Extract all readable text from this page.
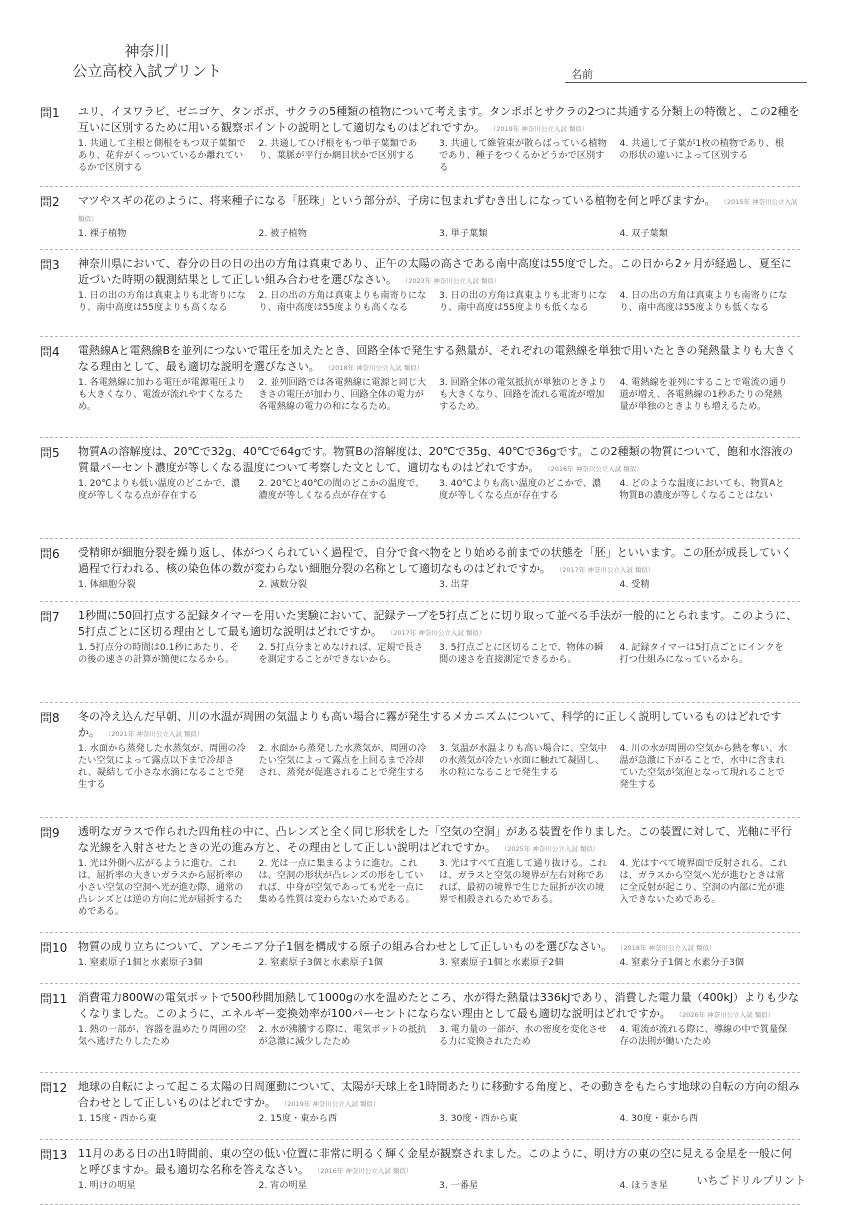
神奈川
公立高校入試プリント	名前
問1 ユリ、イヌワラビ、ゼニゴケ、タンポポ、サクラの5種類の植物について考えます。タンポポとサクラの2つに共通する分類上の特徴と、この2種を互いに区別するために用いる観察ポイントの説明として適切なものはどれですか。 （2019年 神奈川公立入試 類似）
1. 共通して主根と側根をもつ双子葉類であり、花弁がくっついているか離れているかで区別する
2. 共通してひげ根をもつ単子葉類であり、葉脈が平行か網目状かで区別する
3. 共通して維管束が散らばっている植物であり、種子をつくるかどうかで区別する
4. 共通して子葉が1枚の植物であり、根の形状の違いによって区別する
問2 マツやスギの花のように、将来種子になる「胚珠」という部分が、子房に包まれずむき出しになっている植物を何と呼びますか。 （2015年 神奈川公立入試 類似）
1. 裸子植物	2. 被子植物	3. 単子葉類	4. 双子葉類
問3 神奈川県において、春分の日の日の出の方角は真東であり、正午の太陽の高さである南中高度は55度でした。この日から2ヶ月が経過し、夏至に近づいた時期の観測結果として正しい組み合わせを選びなさい。 （2023年 神奈川公立入試 類似）
1. 日の出の方角は真東よりも北寄りになり、南中高度は55度よりも高くなる
2. 日の出の方角は真東よりも南寄りになり、南中高度は55度よりも高くなる
3. 日の出の方角は真東よりも北寄りになり、南中高度は55度よりも低くなる
4. 日の出の方角は真東よりも南寄りになり、南中高度は55度よりも低くなる
問4 電熱線Aと電熱線Bを並列につないで電圧を加えたとき、回路全体で発生する熱量が、それぞれの電熱線を単独で用いたときの発熱量よりも大きくなる理由として、最も適切な説明を選びなさい。 （2018年 神奈川公立入試 類似）
1. 各電熱線に加わる電圧が電源電圧よりも大きくなり、電流が流れやすくなるため。
2. 並列回路では各電熱線に電源と同じ大きさの電圧が加わり、回路全体の電力が各電熱線の電力の和になるため。
3. 回路全体の電気抵抗が単独のときよりも大きくなり、回路を流れる電流が増加するため。
4. 電熱線を並列にすることで電流の通り道が増え、各電熱線の1秒あたりの発熱量が単独のときよりも増えるため。
問5 物質Aの溶解度は、20℃で32g、40℃で64gです。物質Bの溶解度は、20℃で35g、40℃で36gです。この2種類の物質について、飽和水溶液の質量パーセント濃度が等しくなる温度について考察した文として、適切なものはどれですか。 （2016年 神奈川公立入試 類似）
1. 20℃よりも低い温度のどこかで、濃度が等しくなる点が存在する
2. 20℃と40℃の間のどこかの温度で、濃度が等しくなる点が存在する
3. 40℃よりも高い温度のどこかで、濃度が等しくなる点が存在する
4. どのような温度においても、物質Aと物質Bの濃度が等しくなることはない
問6 受精卵が細胞分裂を繰り返し、体がつくられていく過程で、自分で食べ物をとり始める前までの状態を「胚」といいます。この胚が成長していく過程で行われる、核の染色体の数が変わらない細胞分裂の名称として適切なものはどれですか。 （2017年 神奈川公立入試 類似）
1. 体細胞分裂	2. 減数分裂	3. 出芽	4. 受精
問7 1秒間に50回打点する記録タイマーを用いた実験において、記録テープを5打点ごとに切り取って並べる手法が一般的にとられます。このように、5打点ごとに区切る理由として最も適切な説明はどれですか。 （2017年 神奈川公立入試 類似）
1. 5打点分の時間は0.1秒にあたり、その後の速さの計算が簡便になるから。
2. 5打点分まとめなければ、定規で長さを測定することができないから。
3. 5打点ごとに区切ることで、物体の瞬間の速さを直接測定できるから。
4. 記録タイマーは5打点ごとにインクを打つ仕組みになっているから。
問8 冬の冷え込んだ早朝、川の水温が周囲の気温よりも高い場合に霧が発生するメカニズムについて、科学的に正しく説明しているものはどれですか。 （2021年 神奈川公立入試 類似）
1. 水面から蒸発した水蒸気が、周囲の冷たい空気によって露点以下まで冷却され、凝結して小さな水滴になることで発生する
2. 水面から蒸発した水蒸気が、周囲の冷たい空気によって露点を上回るまで冷却され、蒸発が促進されることで発生する
3. 気温が水温よりも高い場合に、空気中の水蒸気が冷たい水面に触れて凝固し、氷の粒になることで発生する
4. 川の水が周囲の空気から熱を奪い、水温が急激に下がることで、水中に含まれていた空気が気泡となって現れることで発生する
問9 透明なガラスで作られた四角柱の中に、凸レンズと全く同じ形状をした「空気の空洞」がある装置を作りました。この装置に対して、光軸に平行な光線を入射させたときの光の進み方と、その理由として正しい説明はどれですか。 （2025年 神奈川公立入試 類似）
1. 光は外側へ広がるように進む。これは、屈折率の大きいガラスから屈折率の小さい空気の空洞へ光が進む際、通常の凸レンズとは逆の方向に光が屈折するためである。
2. 光は一点に集まるように進む。これは、空洞の形状が凸レンズの形をしていれば、中身が空気であっても光を一点に集める性質は変わらないためである。
3. 光はすべて直進して通り抜ける。これは、ガラスと空気の境界が左右対称であれば、最初の境界で生じた屈折が次の境界で相殺されるためである。
4. 光はすべて境界面で反射される。これは、ガラスから空気へ光が進むときは常に全反射が起こり、空洞の内部に光が進入できないためである。
問10 物質の成り立ちについて、アンモニア分子1個を構成する原子の組み合わせとして正しいものを選びなさい。 （2018年 神奈川公立入試 類似）
1. 窒素原子1個と水素原子3個	2. 窒素原子3個と水素原子1個	3. 窒素原子1個と水素原子2個	4. 窒素分子1個と水素分子3個
問11 消費電力800Wの電気ポットで500秒間加熱して1000gの水を温めたところ、水が得た熱量は336kJであり、消費した電力量（400kJ）よりも少なくなりました。このように、エネルギー変換効率が100パーセントにならない理由として最も適切な説明はどれですか。 （2026年 神奈川公立入試 類似）
1. 熱の一部が、容器を温めたり周囲の空気へ逃げたりしたため
2. 水が沸騰する際に、電気ポットの抵抗が急激に減少したため
3. 電力量の一部が、水の密度を変化させる力に変換されたため
4. 電流が流れる際に、導線の中で質量保存の法則が働いたため
問12 地球の自転によって起こる太陽の日周運動について、太陽が天球上を1時間あたりに移動する角度と、その動きをもたらす地球の自転の方向の組み合わせとして正しいものはどれですか。 （2019年 神奈川公立入試 類似）
1. 15度・西から東	2. 15度・東から西	3. 30度・西から東	4. 30度・東から西
問13 11月のある日の出1時間前、東の空の低い位置に非常に明るく輝く金星が観察されました。このように、明け方の東の空に見える金星を一般に何と呼びますか。最も適切な名称を答えなさい。 （2016年 神奈川公立入試 類似）
1. 明けの明星	2. 宵の明星	3. 一番星	4. ほうき星	いちごドリルプリント
